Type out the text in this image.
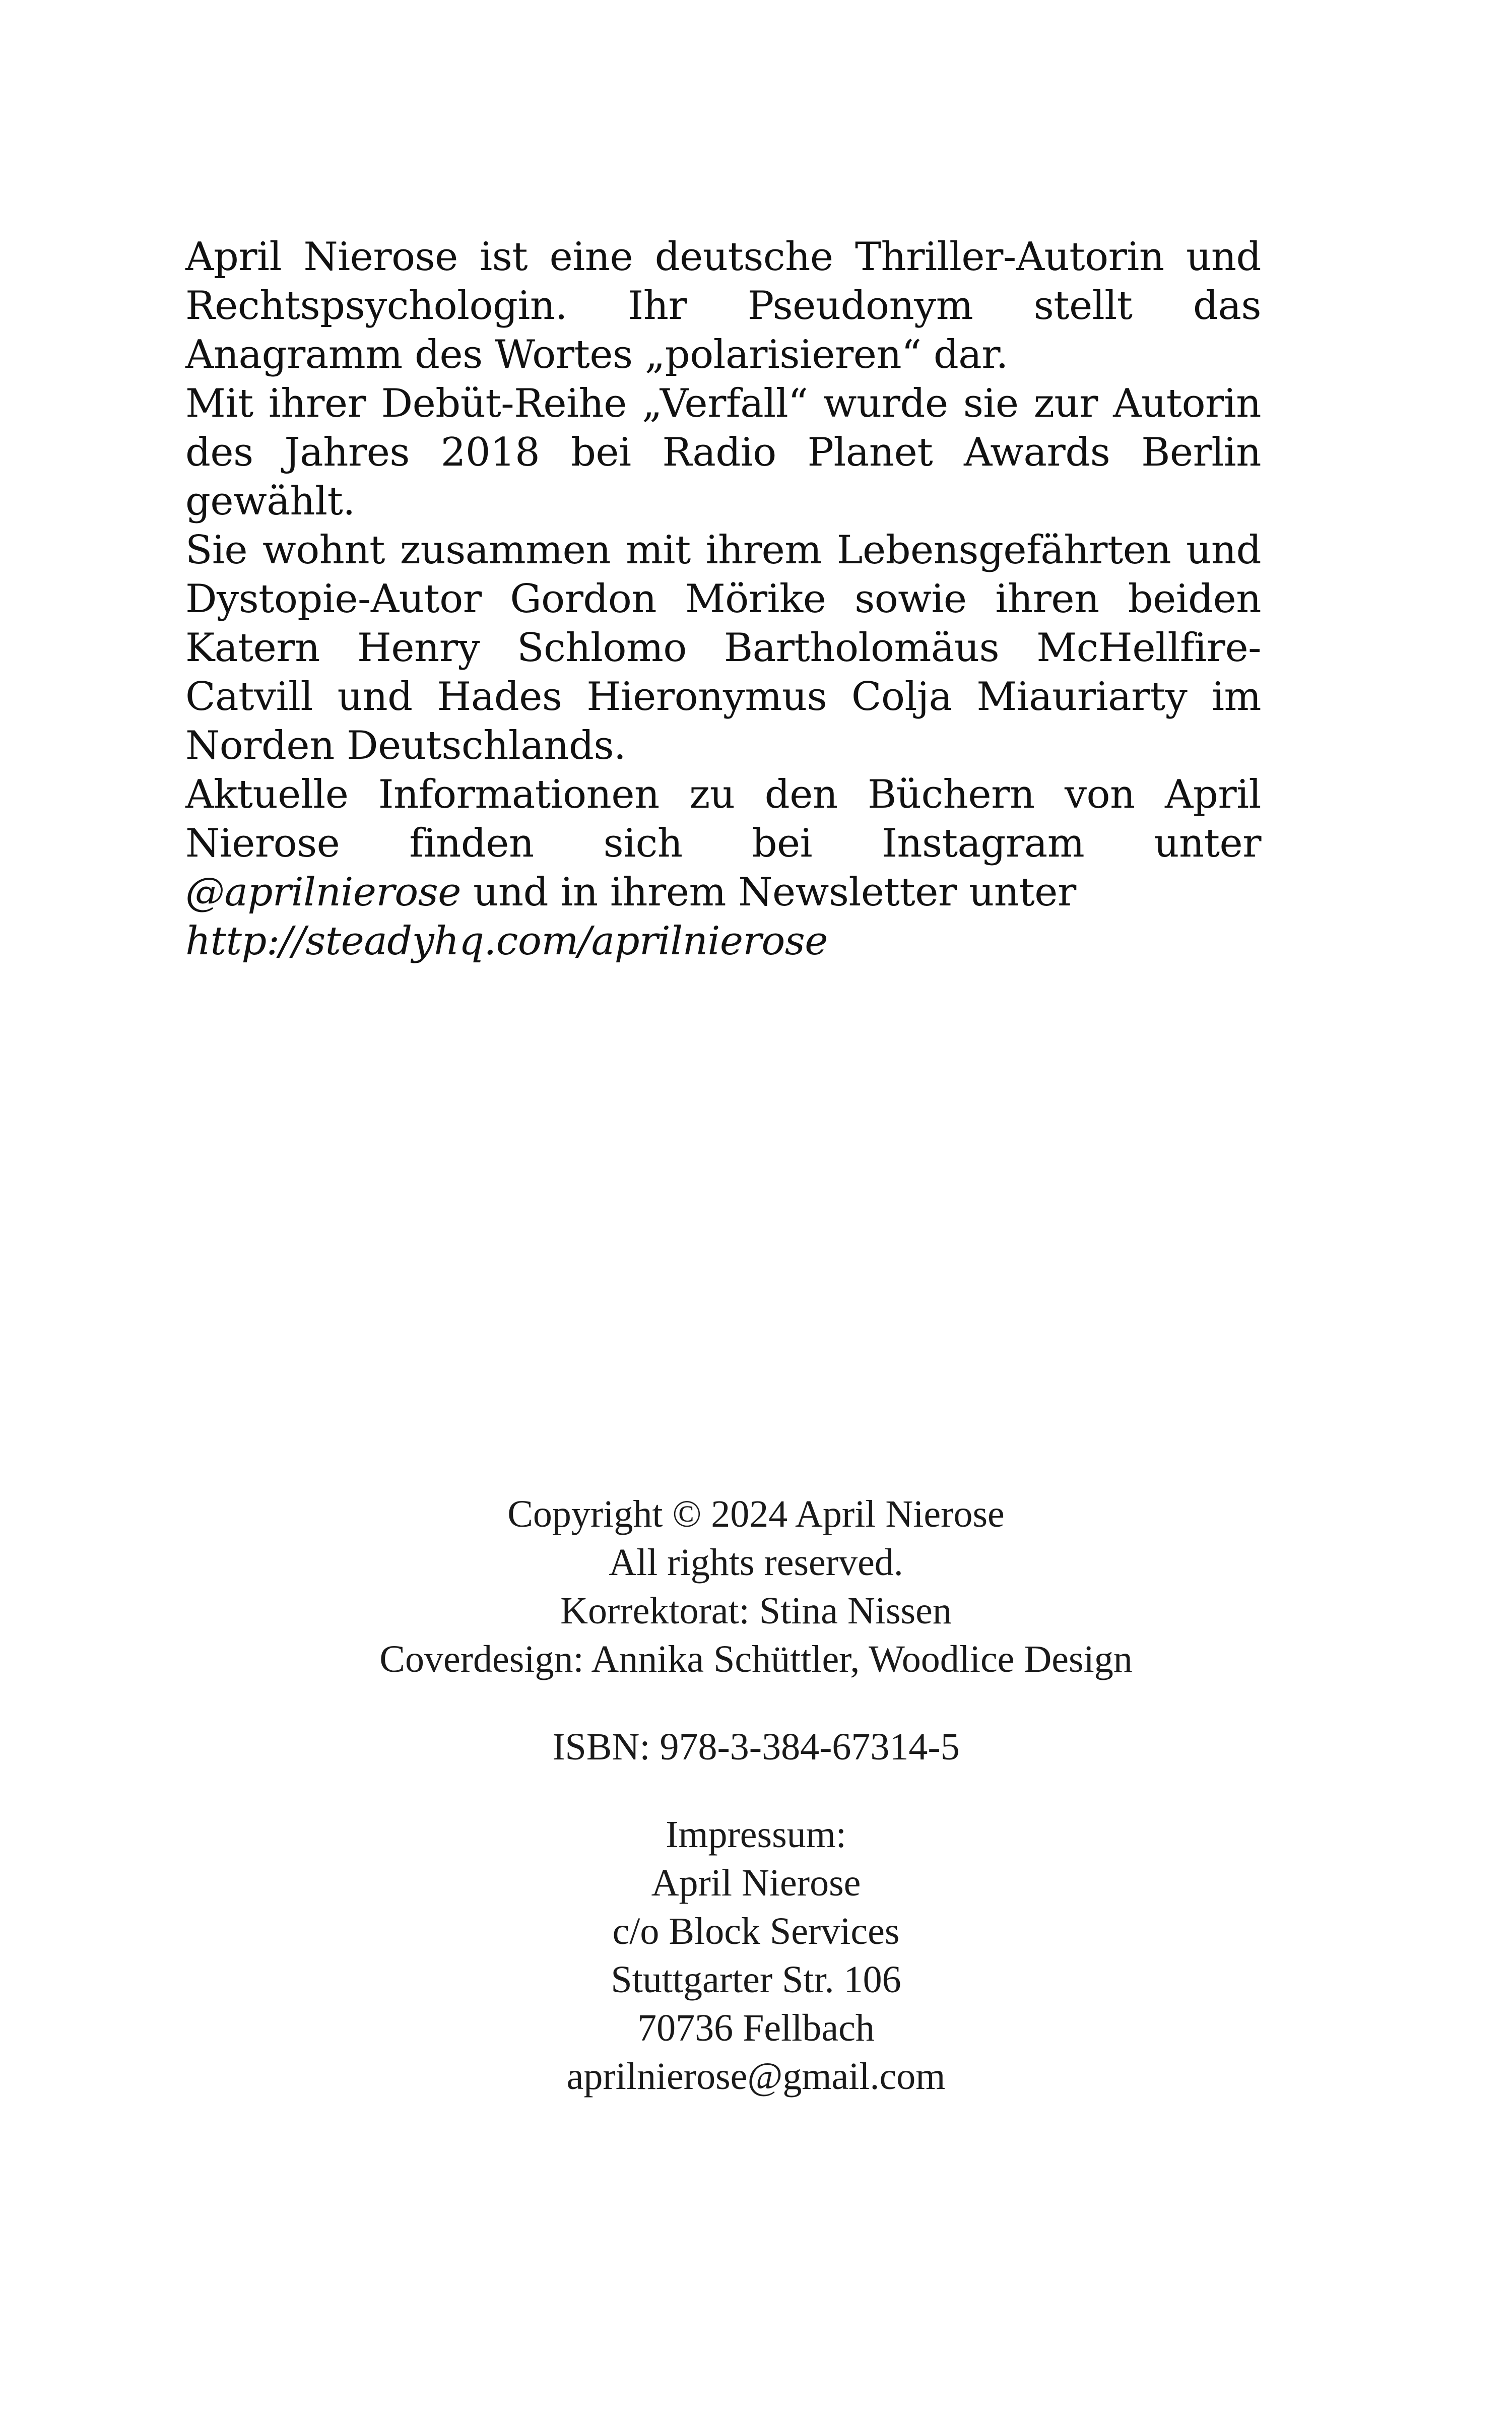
April Nierose ist eine deutsche Thriller-Autorin und Rechtspsychologin. Ihr Pseudonym stellt das Anagramm des Wortes „polarisieren“ dar.

Mit ihrer Debüt-Reihe „Verfall“ wurde sie zur Autorin des Jahres 2018 bei Radio Planet Awards Berlin gewählt.

Sie wohnt zusammen mit ihrem Lebensgefährten und Dystopie-Autor Gordon Mörike sowie ihren beiden Katern Henry Schlomo Bartholomäus McHellfire-Catvill und Hades Hieronymus Colja Miauriarty im Norden Deutschlands.

Aktuelle Informationen zu den Büchern von April Nierose finden sich bei Instagram unter @aprilnierose und in ihrem Newsletter unter

http://steadyhq.com/aprilnierose
Copyright © 2024 April Nierose
All rights reserved.
Korrektorat: Stina Nissen
Coverdesign: Annika Schüttler, Woodlice Design
ISBN: 978-3-384-67314-5
Impressum:
April Nierose
c/o Block Services
Stuttgarter Str. 106
70736 Fellbach
aprilnierose@gmail.com
